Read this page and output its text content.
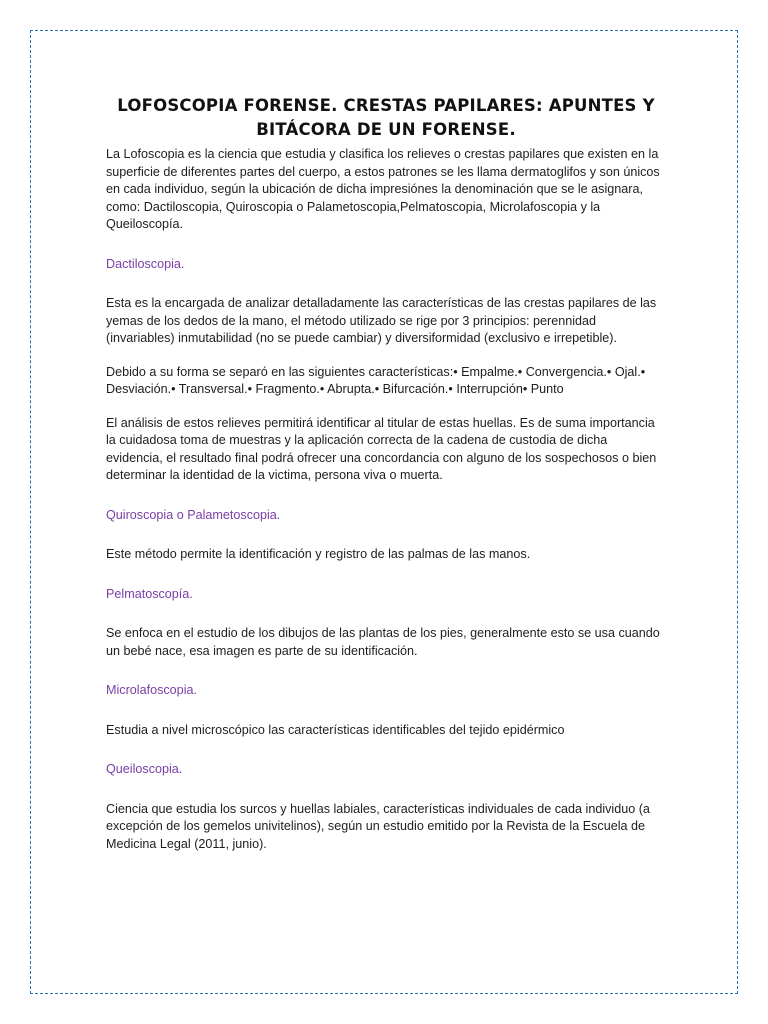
LOFOSCOPIA FORENSE. CRESTAS PAPILARES: APUNTES Y BITÁCORA DE UN FORENSE.

La Lofoscopia es la ciencia que estudia y clasifica los relieves o crestas papilares que existen en la superficie de diferentes partes del cuerpo, a estos patrones se les llama dermatoglifos y son únicos en cada individuo, según la ubicación de dicha impresiónes la denominación que se le asignara, como: Dactiloscopia, Quiroscopia o Palametoscopia,Pelmatoscopia, Microlafoscopia y la Queiloscopía.

Dactiloscopia.

Esta es la encargada de analizar detalladamente las características de las crestas papilares de las yemas de los dedos de la mano, el método utilizado se rige por 3 principios: perennidad (invariables) inmutabilidad (no se puede cambiar) y diversiformidad (exclusivo e irrepetible).

Debido a su forma se separó en las siguientes características:• Empalme.• Convergencia.• Ojal.• Desviación.• Transversal.• Fragmento.• Abrupta.• Bifurcación.• Interrupción• Punto

El análisis de estos relieves permitirá identificar al titular de estas huellas. Es de suma importancia la cuidadosa toma de muestras y la aplicación correcta de la cadena de custodia de dicha evidencia, el resultado final podrá ofrecer una concordancia con alguno de los sospechosos o bien determinar la identidad de la victima, persona viva o muerta.

Quiroscopia o Palametoscopia.

Este método permite la identificación y registro de las palmas de las manos.

Pelmatoscopía.

Se enfoca en el estudio de los dibujos de las plantas de los pies, generalmente esto se usa cuando un bebé nace, esa imagen es parte de su identificación.

Microlafoscopia.

Estudia a nivel microscópico las características identificables del tejido epidérmico

Queiloscopia.

Ciencia que estudia los surcos y huellas labiales, características individuales de cada individuo (a excepción de los gemelos univitelinos), según un estudio emitido por la Revista de la Escuela de Medicina Legal (2011, junio).
